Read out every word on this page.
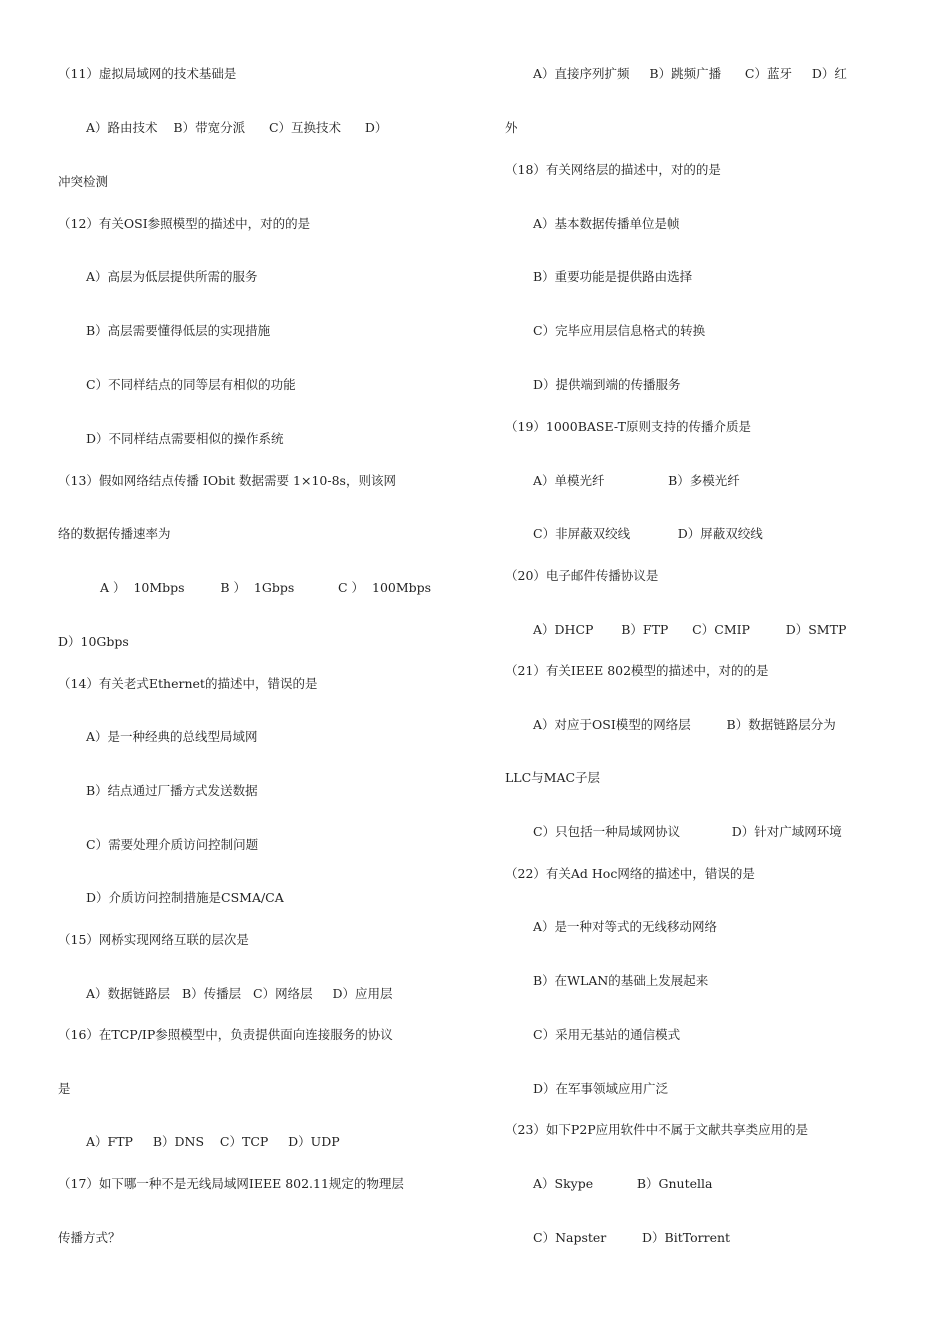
（11）虚拟局域网的技术基础是
A）路由技术    B）带宽分派      C）互换技术      D）
冲突检测
（12）有关OSI参照模型的描述中，对的的是
A）高层为低层提供所需的服务
B）高层需要懂得低层的实现措施
C）不同样结点的同等层有相似的功能
D）不同样结点需要相似的操作系统
（13）假如网络结点传播 IObit 数据需要 1×10-8s，则该网
络的数据传播速率为
A ）  10Mbps         B ）  1Gbps           C ）  100Mbps
D）10Gbps
（14）有关老式Ethernet的描述中，错误的是
A）是一种经典的总线型局域网
B）结点通过厂播方式发送数据
C）需要处理介质访问控制问题
D）介质访问控制措施是CSMA/CA
（15）网桥实现网络互联的层次是
A）数据链路层   B）传播层   C）网络层     D）应用层
（16）在TCP/IP参照模型中，负责提供面向连接服务的协议
是
A）FTP     B）DNS    C）TCP     D）UDP
（17）如下哪一种不是无线局域网IEEE 802.11规定的物理层
传播方式？
A）直接序列扩频     B）跳频广播      C）蓝牙     D）红
外
（18）有关网络层的描述中，对的的是
A）基本数据传播单位是帧
B）重要功能是提供路由选择
C）完毕应用层信息格式的转换
D）提供端到端的传播服务
（19）1000BASE-T原则支持的传播介质是
A）单模光纤                B）多模光纤
C）非屏蔽双绞线            D）屏蔽双绞线
（20）电子邮件传播协议是
A）DHCP       B）FTP      C）CMIP         D）SMTP
（21）有关IEEE 802模型的描述中，对的的是
A）对应于OSI模型的网络层         B）数据链路层分为
LLC与MAC子层
C）只包括一种局域网协议             D）针对广域网环境
（22）有关Ad Hoc网络的描述中，错误的是
A）是一种对等式的无线移动网络
B）在WLAN的基础上发展起来
C）采用无基站的通信模式
D）在军事领域应用广泛
（23）如下P2P应用软件中不属于文献共享类应用的是
A）Skype           B）Gnutella
C）Napster         D）BitTorrent
